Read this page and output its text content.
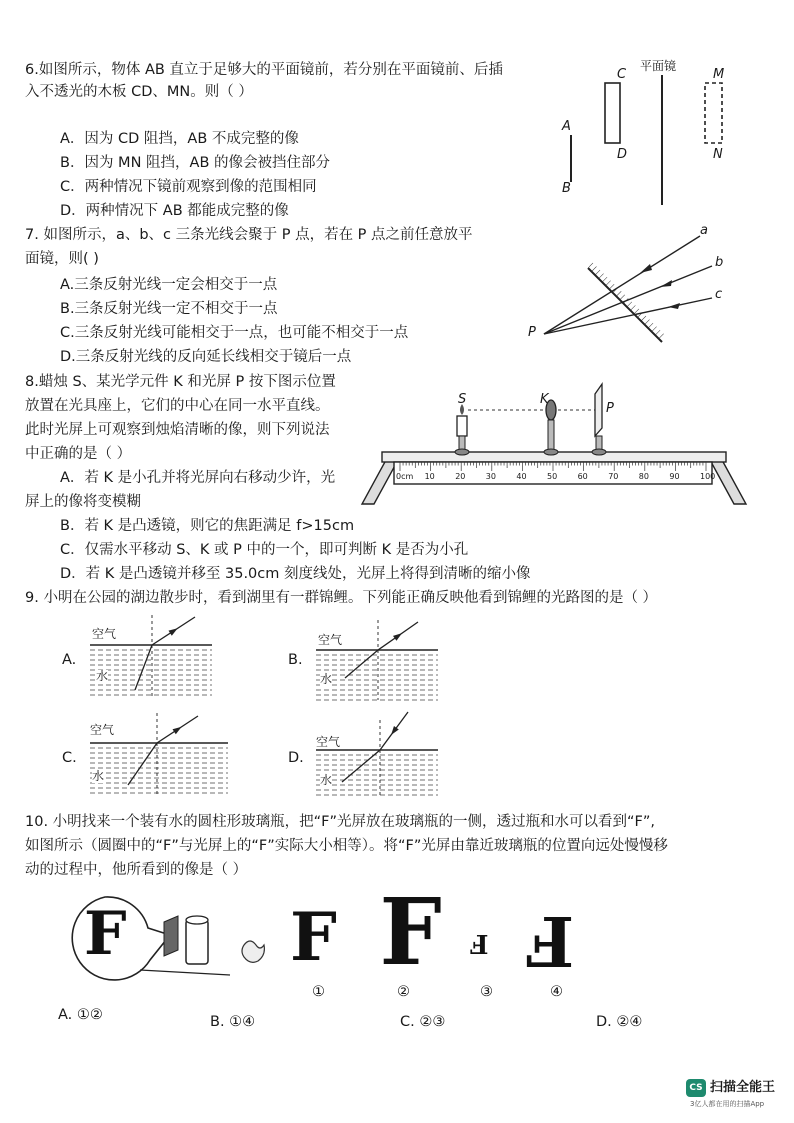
6.如图所示，物体 AB 直立于足够大的平面镜前，若分别在平面镜前、后插
入不透光的木板 CD、MN。则（ ）
A．因为 CD 阻挡，AB 不成完整的像
B．因为 MN 阻挡，AB 的像会被挡住部分
C．两种情况下镜前观察到像的范围相同
D．两种情况下 AB 都能成完整的像
平面镜
A
B
C
D
M
N
7. 如图所示，a、b、c 三条光线会聚于 P 点，若在 P 点之前任意放平
面镜，则( )
A.三条反射光线一定会相交于一点
B.三条反射光线一定不相交于一点
C.三条反射光线可能相交于一点，也可能不相交于一点
D.三条反射光线的反向延长线相交于镜后一点
a
b
c
P
8.蜡烛 S、某光学元件 K 和光屏 P 按下图示位置
放置在光具座上，它们的中心在同一水平直线。
此时光屏上可观察到烛焰清晰的像，则下列说法
中正确的是（ ）
A．若 K 是小孔并将光屏向右移动少许，光
屏上的像将变模糊
B．若 K 是凸透镜，则它的焦距满足 f>15cm
C．仅需水平移动 S、K 或 P 中的一个，即可判断 K 是否为小孔
D．若 K 是凸透镜并移至 35.0cm 刻度线处，光屏上将得到清晰的缩小像
S	K
P
0cm 10	20	30	40	50	60	70	80	90	100
9. 小明在公园的湖边散步时，看到湖里有一群锦鲤。下列能正确反映他看到锦鲤的光路图的是（ ）
A.	B.
C.	D.
空气	空气
空气
空气
水	水
水	水
10. 小明找来一个装有水的圆柱形玻璃瓶，把“F”光屏放在玻璃瓶的一侧，透过瓶和水可以看到“F”,
如图所示（圆圈中的“F”与光屏上的“F”实际大小相等）。将“F”光屏由靠近玻璃瓶的位置向远处慢慢移
动的过程中，他所看到的像是（ ）
F F F F F
①	②	③	④
A. ①②	B. ①④	C. ②③	D. ②④
CS 扫描全能王
3亿人都在用的扫描App
